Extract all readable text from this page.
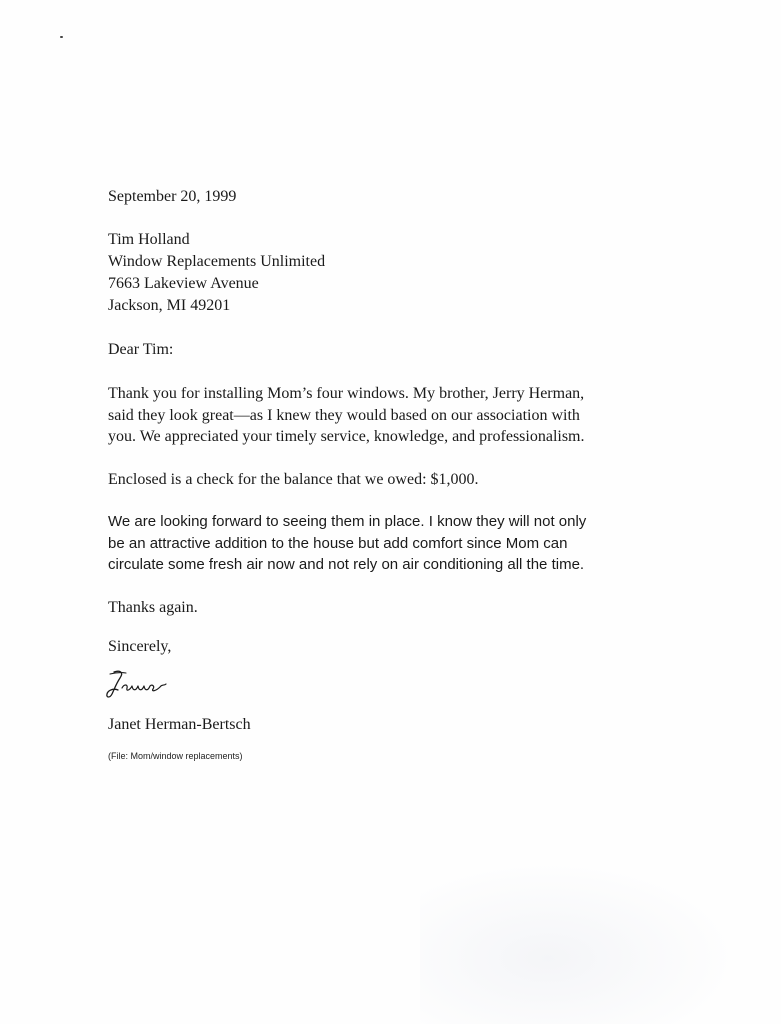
September 20, 1999
Tim Holland
Window Replacements Unlimited
7663 Lakeview Avenue
Jackson, MI 49201
Dear Tim:
Thank you for installing Mom’s four windows. My brother, Jerry Herman,
said they look great—as I knew they would based on our association with
you. We appreciated your timely service, knowledge, and professionalism.
Enclosed is a check for the balance that we owed: $1,000.
We are looking forward to seeing them in place. I know they will not only
be an attractive addition to the house but add comfort since Mom can
circulate some fresh air now and not rely on air conditioning all the time.
Thanks again.
Sincerely,
Janet Herman-Bertsch
(File: Mom/window replacements)
